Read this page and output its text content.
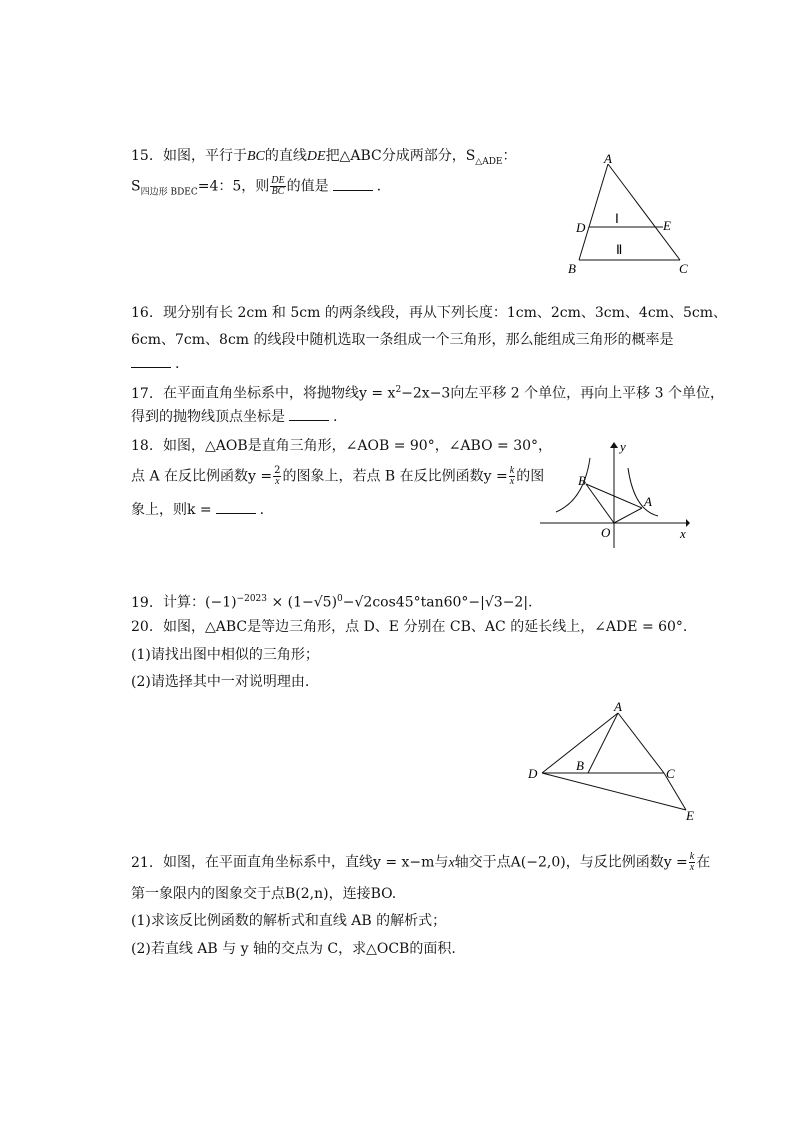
15. 如图，平行于BC的直线DE把△ABC分成两部分，$S_{\triangle ADE}$：
$S_{四边形 BDEC}=4$：5，则 $\frac{DE}{BC}$ 的值是	.
A
B	C
D	E
Ⅰ
Ⅱ
16. 现分别有长 2cm 和 5cm 的两条线段，再从下列长度：1cm、2cm、3cm、4cm、5cm、
6cm、7cm、8cm 的线段中随机选取一条组成一个三角形，那么能组成三角形的概率是
.
17. 在平面直角坐标系中，将抛物线$y = x^2-2x-3$向左平移 2 个单位，再向上平移 3 个单位，
得到的抛物线顶点坐标是	.
18. 如图，△AOB是直角三角形，∠AOB = 90°，∠ABO = 30°，
点 A 在反比例函数$y = \frac{2}{x}$ 的图象上，若点 B 在反比例函数$y = \frac{k}{x}$ 的图
象上，则k =	.
B
A
O	x
y
19. 计算：$(-1)^{-2023} \times (1-√5)^0-√2\cos 45^\circ\tan 60^\circ-|√3-2|$.
20. 如图，△ABC是等边三角形，点 D、E 分别在 CB、AC 的延长线上，∠ADE = 60°.
(1)请找出图中相似的三角形；
(2)请选择其中一对说明理由.
A
B
C
D
E
21. 如图，在平面直角坐标系中，直线y = x−m与x轴交于点A(−2,0)，与反比例函数$y = \frac{k}{x}$ 在
第一象限内的图象交于点B(2,n)，连接BO.
(1)求该反比例函数的解析式和直线 AB 的解析式；
(2)若直线 AB 与 y 轴的交点为 C，求△OCB的面积.
